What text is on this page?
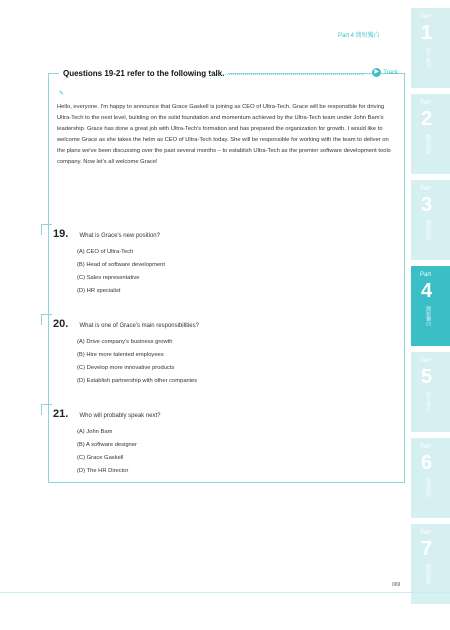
Part 4 簡短獨白
Part
1
照片描述
Part
2
應答問題
Part
3
簡短對話
Part
4
簡短獨白
Part
5
單句填空
Part
6
段落填空
Part
7
閱讀測驗
Questions 19-21 refer to the following talk.	▶ Track
✎
Hello, everyone. I'm happy to announce that Grace Gaskell is joining as CEO of Ultra-Tech. Grace will be responsible for driving Ultra-Tech to the next level, building on the solid foundation and momentum achieved by the Ultra-Tech team under John Bam's leadership. Grace has done a great job with Ultra-Tech's formation and has prepared the organization for growth. I would like to welcome Grace as she takes the helm as CEO of Ultra-Tech today. She will be responsible for working with the team to deliver on the plans we've been discussing over the past several months – to establish Ultra-Tech as the premier software development tools company. Now let's all welcome Grace!
19. What is Grace's new position?
(A) CEO of Ultra-Tech
(B) Head of software development
(C) Sales representative
(D) HR specialist
20. What is one of Grace's main responsibilities?
(A) Drive company's business growth
(B) Hire more talented employees
(C) Develop more innovative products
(D) Establish partnership with other companies
21. Who will probably speak next?
(A) John Bam
(B) A software designer
(C) Grace Gaskell
(D) The HR Director
069
